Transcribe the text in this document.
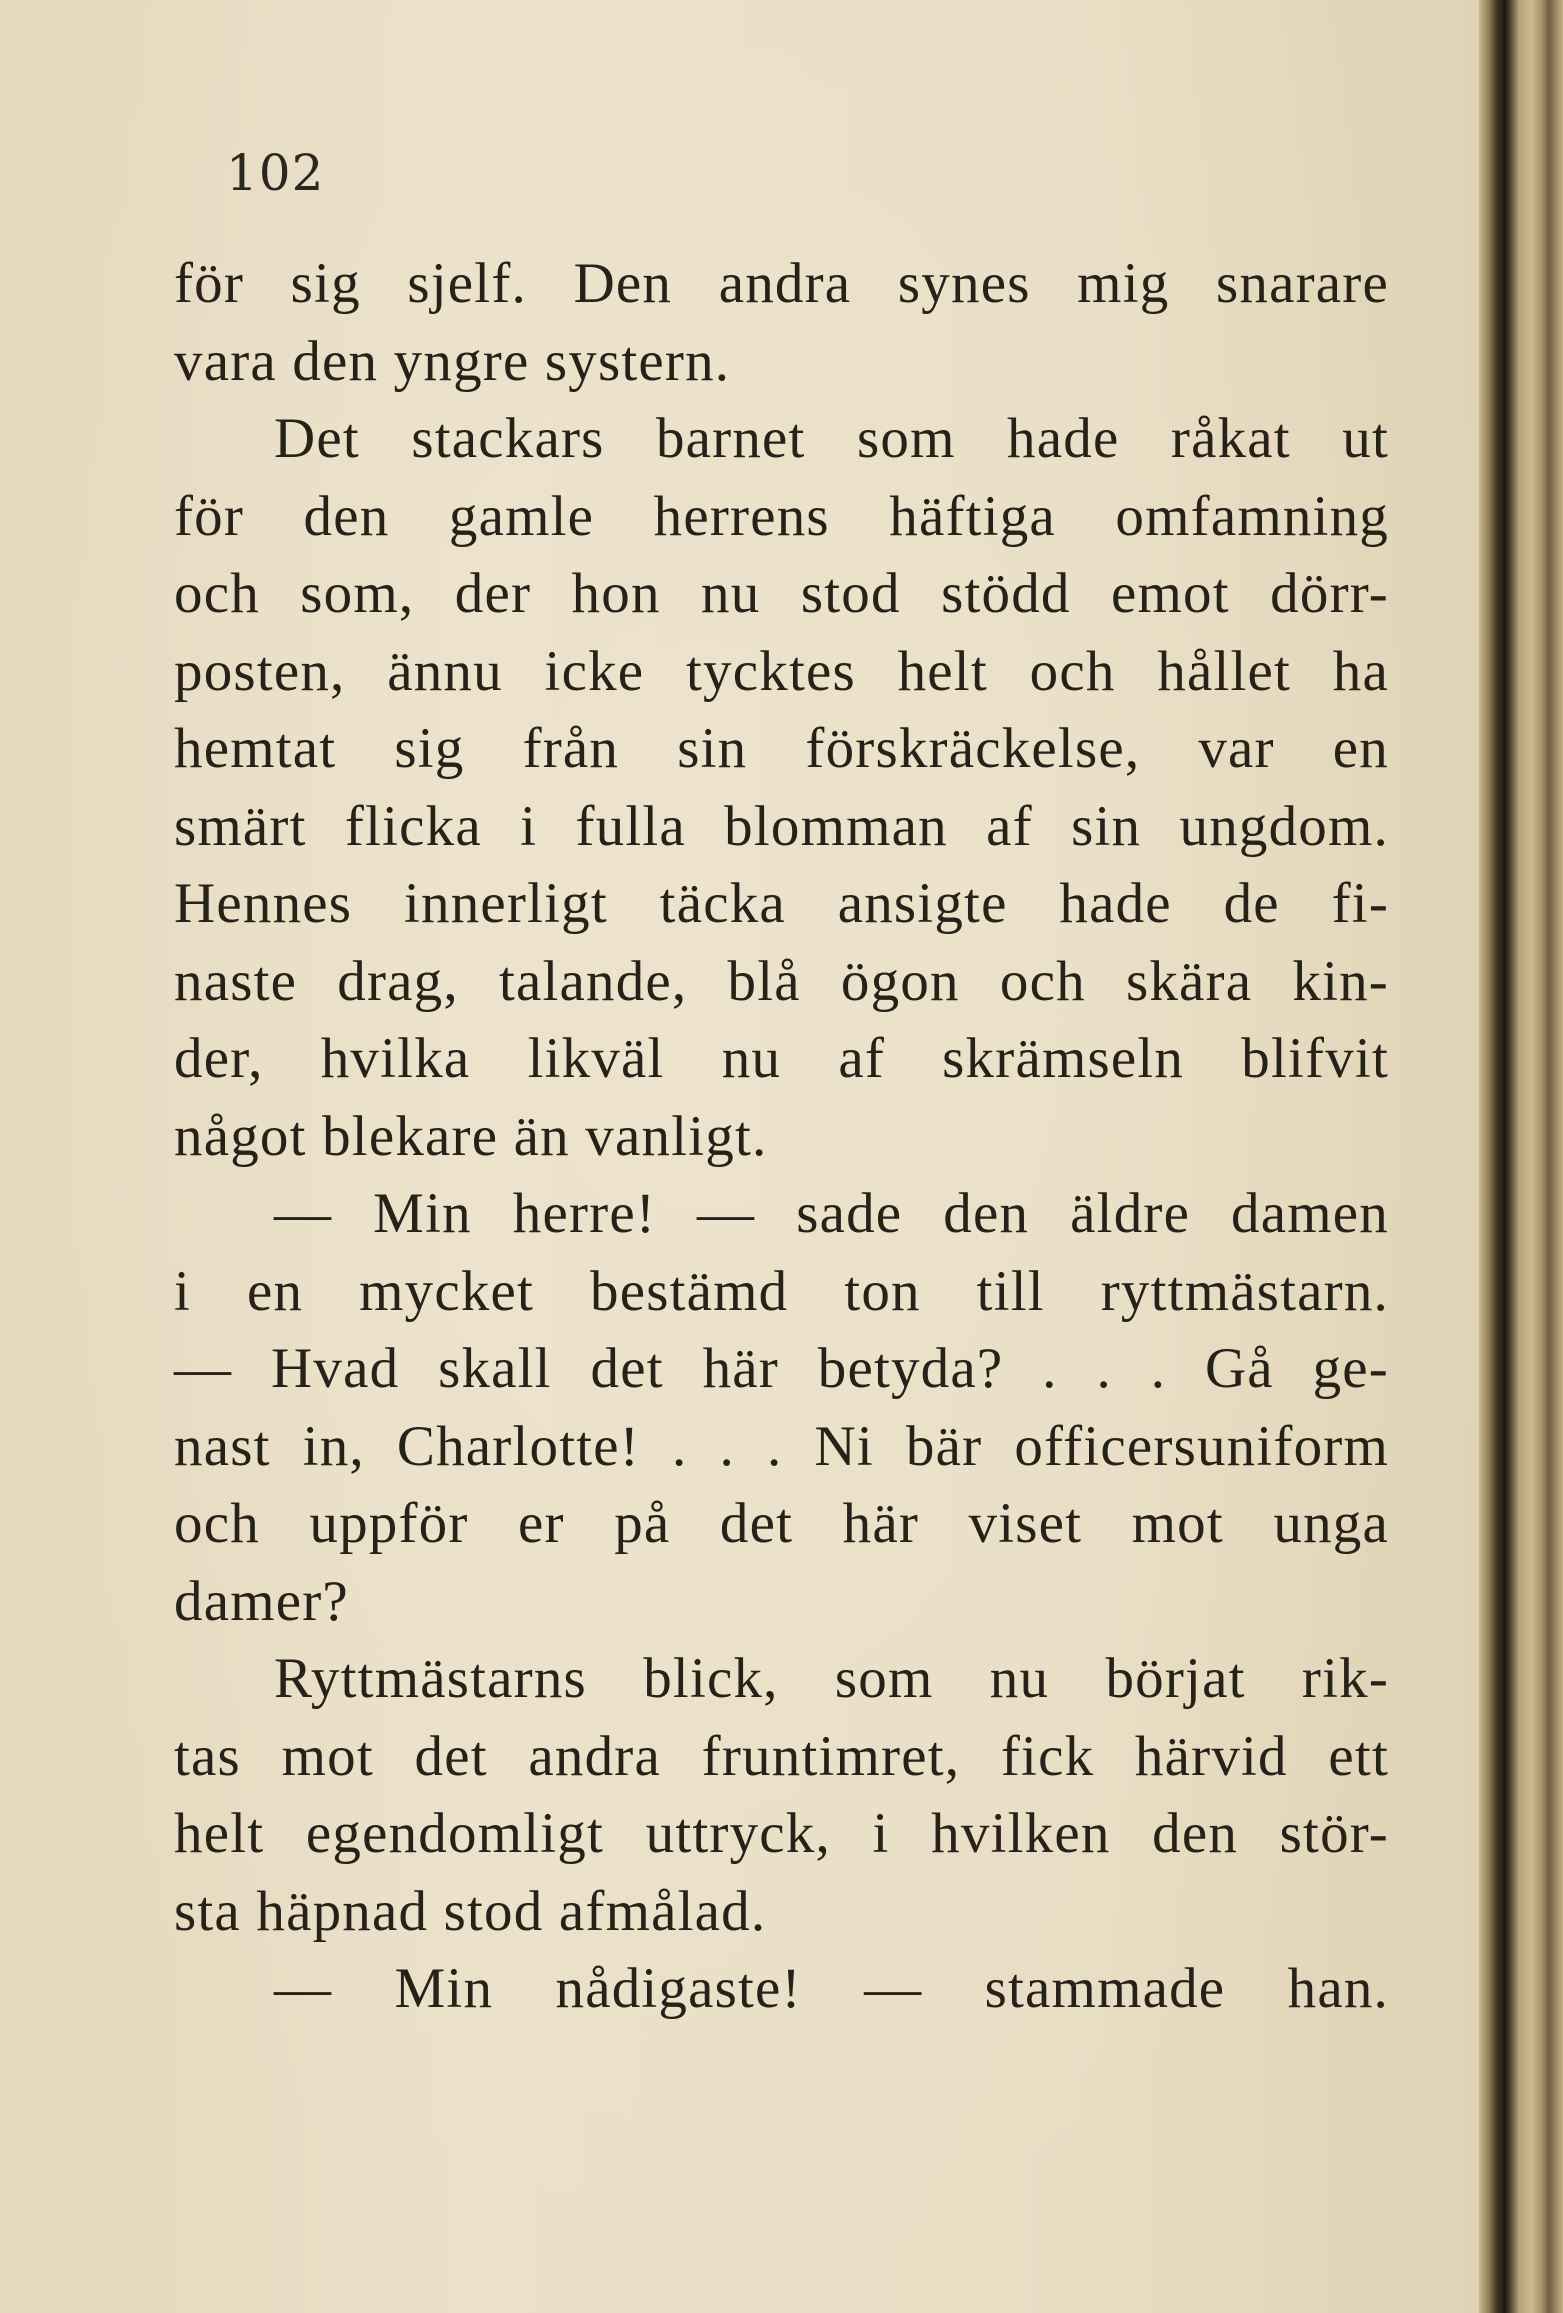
102

för sig sjelf. Den andra synes mig snarare
vara den yngre systern.
Det stackars barnet som hade råkat ut
för den gamle herrens häftiga omfamning
och som, der hon nu stod stödd emot dörr-
posten, ännu icke tycktes helt och hållet ha
hemtat sig från sin förskräckelse, var en
smärt flicka i fulla blomman af sin ungdom.
Hennes innerligt täcka ansigte hade de fi-
naste drag, talande, blå ögon och skära kin-
der, hvilka likväl nu af skrämseln blifvit
något blekare än vanligt.
— Min herre! — sade den äldre damen
i en mycket bestämd ton till ryttmästarn.
— Hvad skall det här betyda? . . . Gå ge-
nast in, Charlotte! . . . Ni bär officersuniform
och uppför er på det här viset mot unga
damer?
Ryttmästarns blick, som nu börjat rik-
tas mot det andra fruntimret, fick härvid ett
helt egendomligt uttryck, i hvilken den stör-
sta häpnad stod afmålad.
— Min nådigaste! — stammade han.
